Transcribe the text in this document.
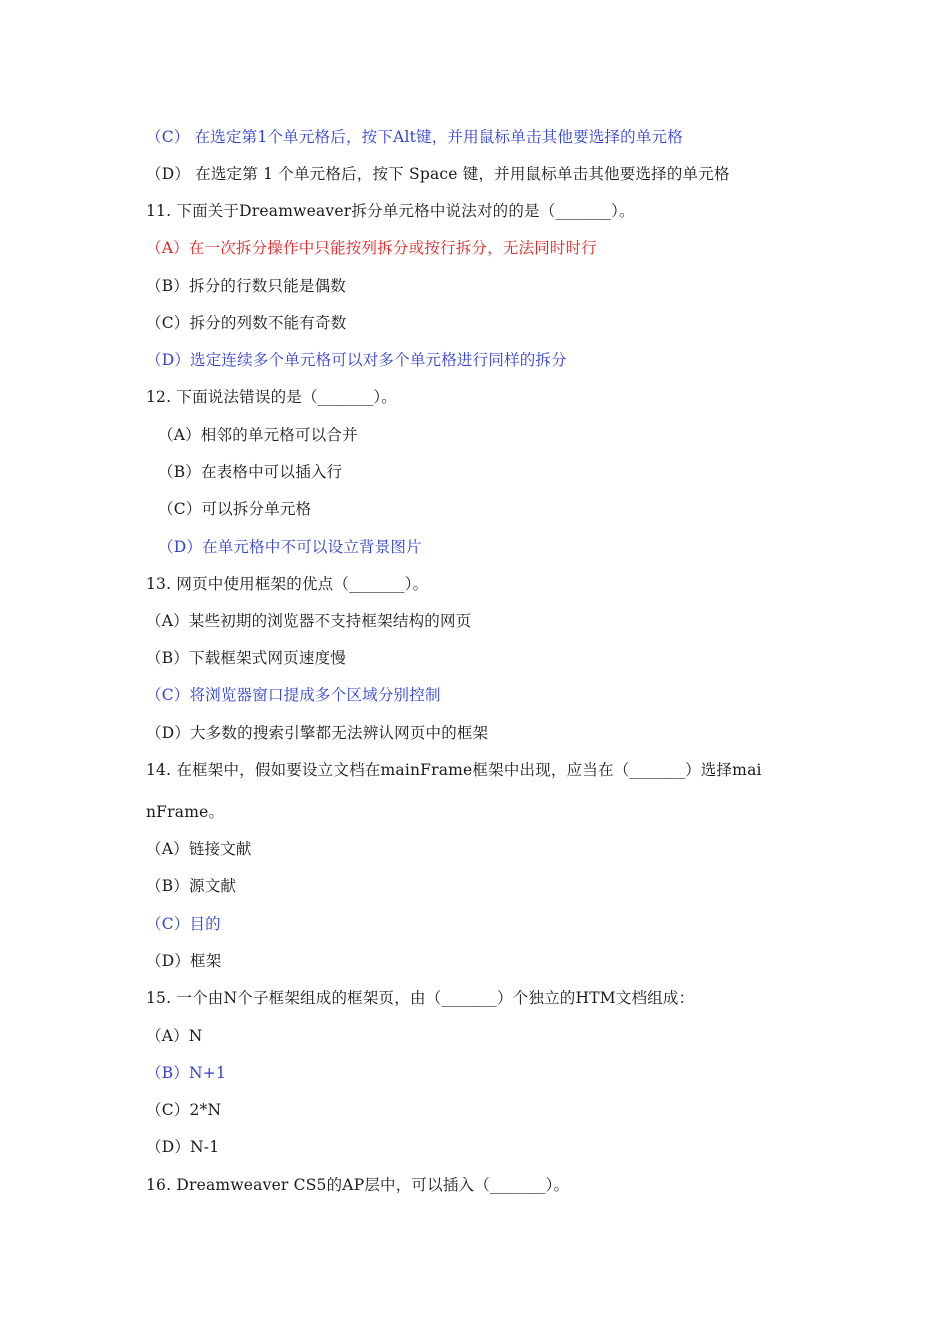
（C） 在选定第1个单元格后，按下Alt键，并用鼠标单击其他要选择的单元格
（D） 在选定第 1 个单元格后，按下 Space 键，并用鼠标单击其他要选择的单元格
11. 下面关于Dreamweaver拆分单元格中说法对的的是（_______）。
（A）在一次拆分操作中只能按列拆分或按行拆分，无法同时时行
（B）拆分的行数只能是偶数
（C）拆分的列数不能有奇数
（D）选定连续多个单元格可以对多个单元格进行同样的拆分
12. 下面说法错误的是（_______）。
（A）相邻的单元格可以合并
（B）在表格中可以插入行
（C）可以拆分单元格
（D）在单元格中不可以设立背景图片
13. 网页中使用框架的优点（_______）。
（A）某些初期的浏览器不支持框架结构的网页
（B）下载框架式网页速度慢
（C）将浏览器窗口提成多个区域分别控制
（D）大多数的搜索引擎都无法辨认网页中的框架
14. 在框架中，假如要设立文档在mainFrame框架中出现，应当在（_______）选择mai
nFrame。
（A）链接文献
（B）源文献
（C）目的
（D）框架
15. 一个由N个子框架组成的框架页，由（_______）个独立的HTM文档组成：
（A）N
（B）N+1
（C）2*N
（D）N-1
16. Dreamweaver CS5的AP层中，可以插入（_______）。
